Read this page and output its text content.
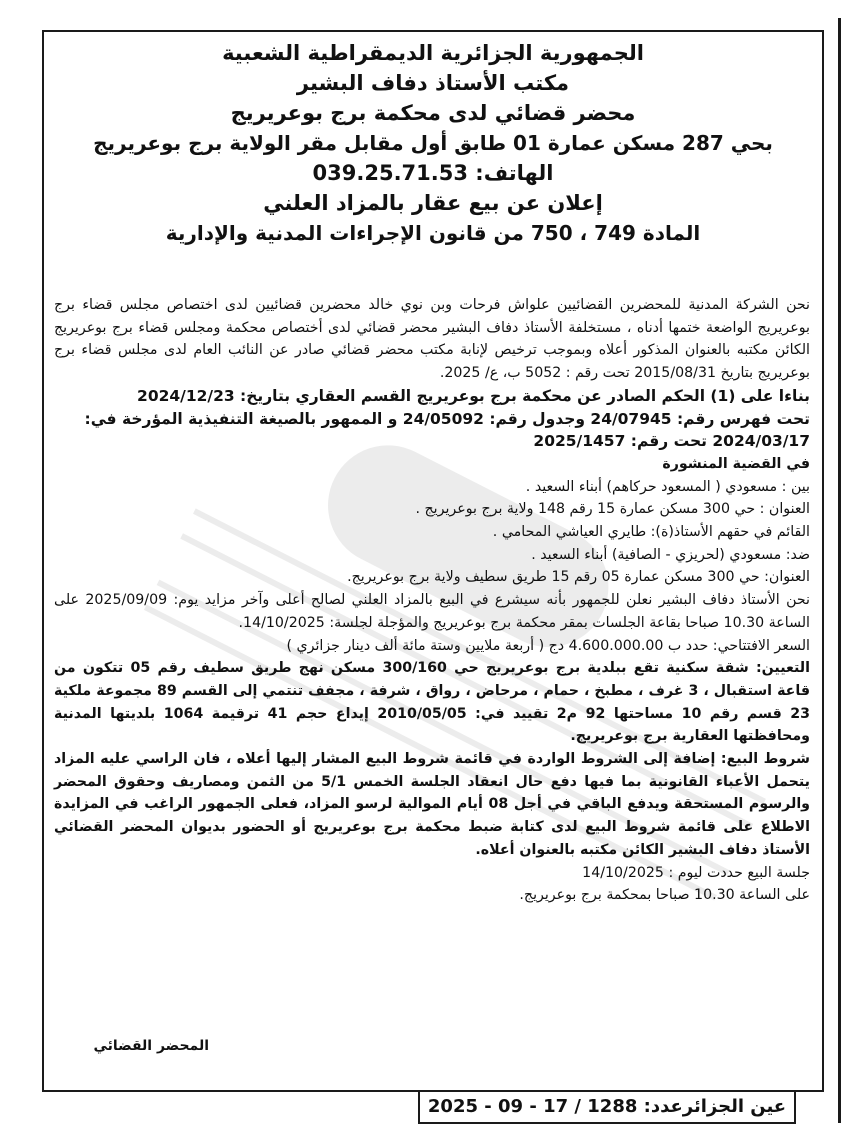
الجمهورية الجزائرية الديمقراطية الشعبية
مكتب الأستاذ دفاف البشير
محضر قضائي لدى محكمة برج بوعريريج
بحي 287 مسكن عمارة 01 طابق أول مقابل مقر الولاية برج بوعريريج
الهاتف: 039.25.71.53
إعلان عن بيع عقار بالمزاد العلني
المادة 749 ، 750 من قانون الإجراءات المدنية والإدارية

نحن الشركة المدنية للمحضرين القضائيين علواش فرحات وبن نوي خالد محضرين قضائيين لدى اختصاص مجلس قضاء برج بوعريريج الواضعة ختمها أدناه ، مستخلفة الأستاذ دفاف البشير محضر قضائي لدى أختصاص محكمة ومجلس قضاء برج بوعريريج الكائن مكتبه بالعنوان المذكور أعلاه وبموجب ترخيص لإنابة مكتب محضر قضائي صادر عن النائب العام لدى مجلس قضاء برج بوعريريج بتاريخ 2015/08/31 تحت رقم : 5052 ب، ع/ 2025.

بناءا على (1) الحكم الصادر عن محكمة برج بوعريريج القسم العقاري بتاريخ: 2024/12/23

تحت فهرس رقم: 24/07945 وجدول رقم: 24/05092 و الممهور بالصيغة التنفيذية المؤرخة في:

2024/03/17 تحت رقم: 2025/1457

في القضية المنشورة

بين : مسعودي ( المسعود حركاهم) أبناء السعيد .

العنوان : حي 300 مسكن عمارة 15 رقم 148 ولاية برج بوعريريج .

القائم في حقهم الأستاذ(ة): طايري العياشي المحامي .

ضد: مسعودي (لحريزي - الصافية) أبناء السعيد .

العنوان: حي 300 مسكن عمارة 05 رقم 15 طريق سطيف ولاية برج بوعريريج.

نحن الأستاذ دفاف البشير نعلن للجمهور بأنه سيشرع في البيع بالمزاد العلني لصالح أعلى وآخر مزايد يوم: 2025/09/09 على الساعة 10.30 صباحا بقاعة الجلسات بمقر محكمة برج بوعريريج والمؤجلة لجلسة: 14/10/2025.

السعر الافتتاحي: حدد ب 4.600.000.00 دج ( أربعة ملايين وستة مائة ألف دينار جزائري )

التعيين: شقة سكنية تقع ببلدية برج بوعريريج حي 300/160 مسكن نهج طريق سطيف رقم 05 تتكون من قاعة استقبال ، 3 غرف ، مطبخ ، حمام ، مرحاض ، رواق ، شرفة ، مجفف تنتمي إلى القسم 89 مجموعة ملكية 23 قسم رقم 10 مساحتها 92 م2 تقييد في: 2010/05/05 إيداع حجم 41 ترقيمة 1064 بلديتها المدنية ومحافظتها العقارية برج بوعريريج.

شروط البيع: إضافة إلى الشروط الواردة في قائمة شروط البيع المشار إليها أعلاه ، فان الراسي عليه المزاد يتحمل الأعباء القانونية بما فيها دفع حال انعقاد الجلسة الخمس 5/1 من الثمن ومصاريف وحقوق المحضر والرسوم المستحقة ويدفع الباقي في أجل 08 أيام الموالية لرسو المزاد، فعلى الجمهور الراغب في المزايدة الاطلاع على قائمة شروط البيع لدى كتابة ضبط محكمة برج بوعريريج أو الحضور بديوان المحضر القضائي الأستاذ دفاف البشير الكائن مكتبه بالعنوان أعلاه.

جلسة البيع حددت ليوم : 14/10/2025

على الساعة 10.30 صباحا بمحكمة برج بوعريريج.

المحضر القضائي
عين الجزائرعدد: 1288 / 17 - 09 - 2025
